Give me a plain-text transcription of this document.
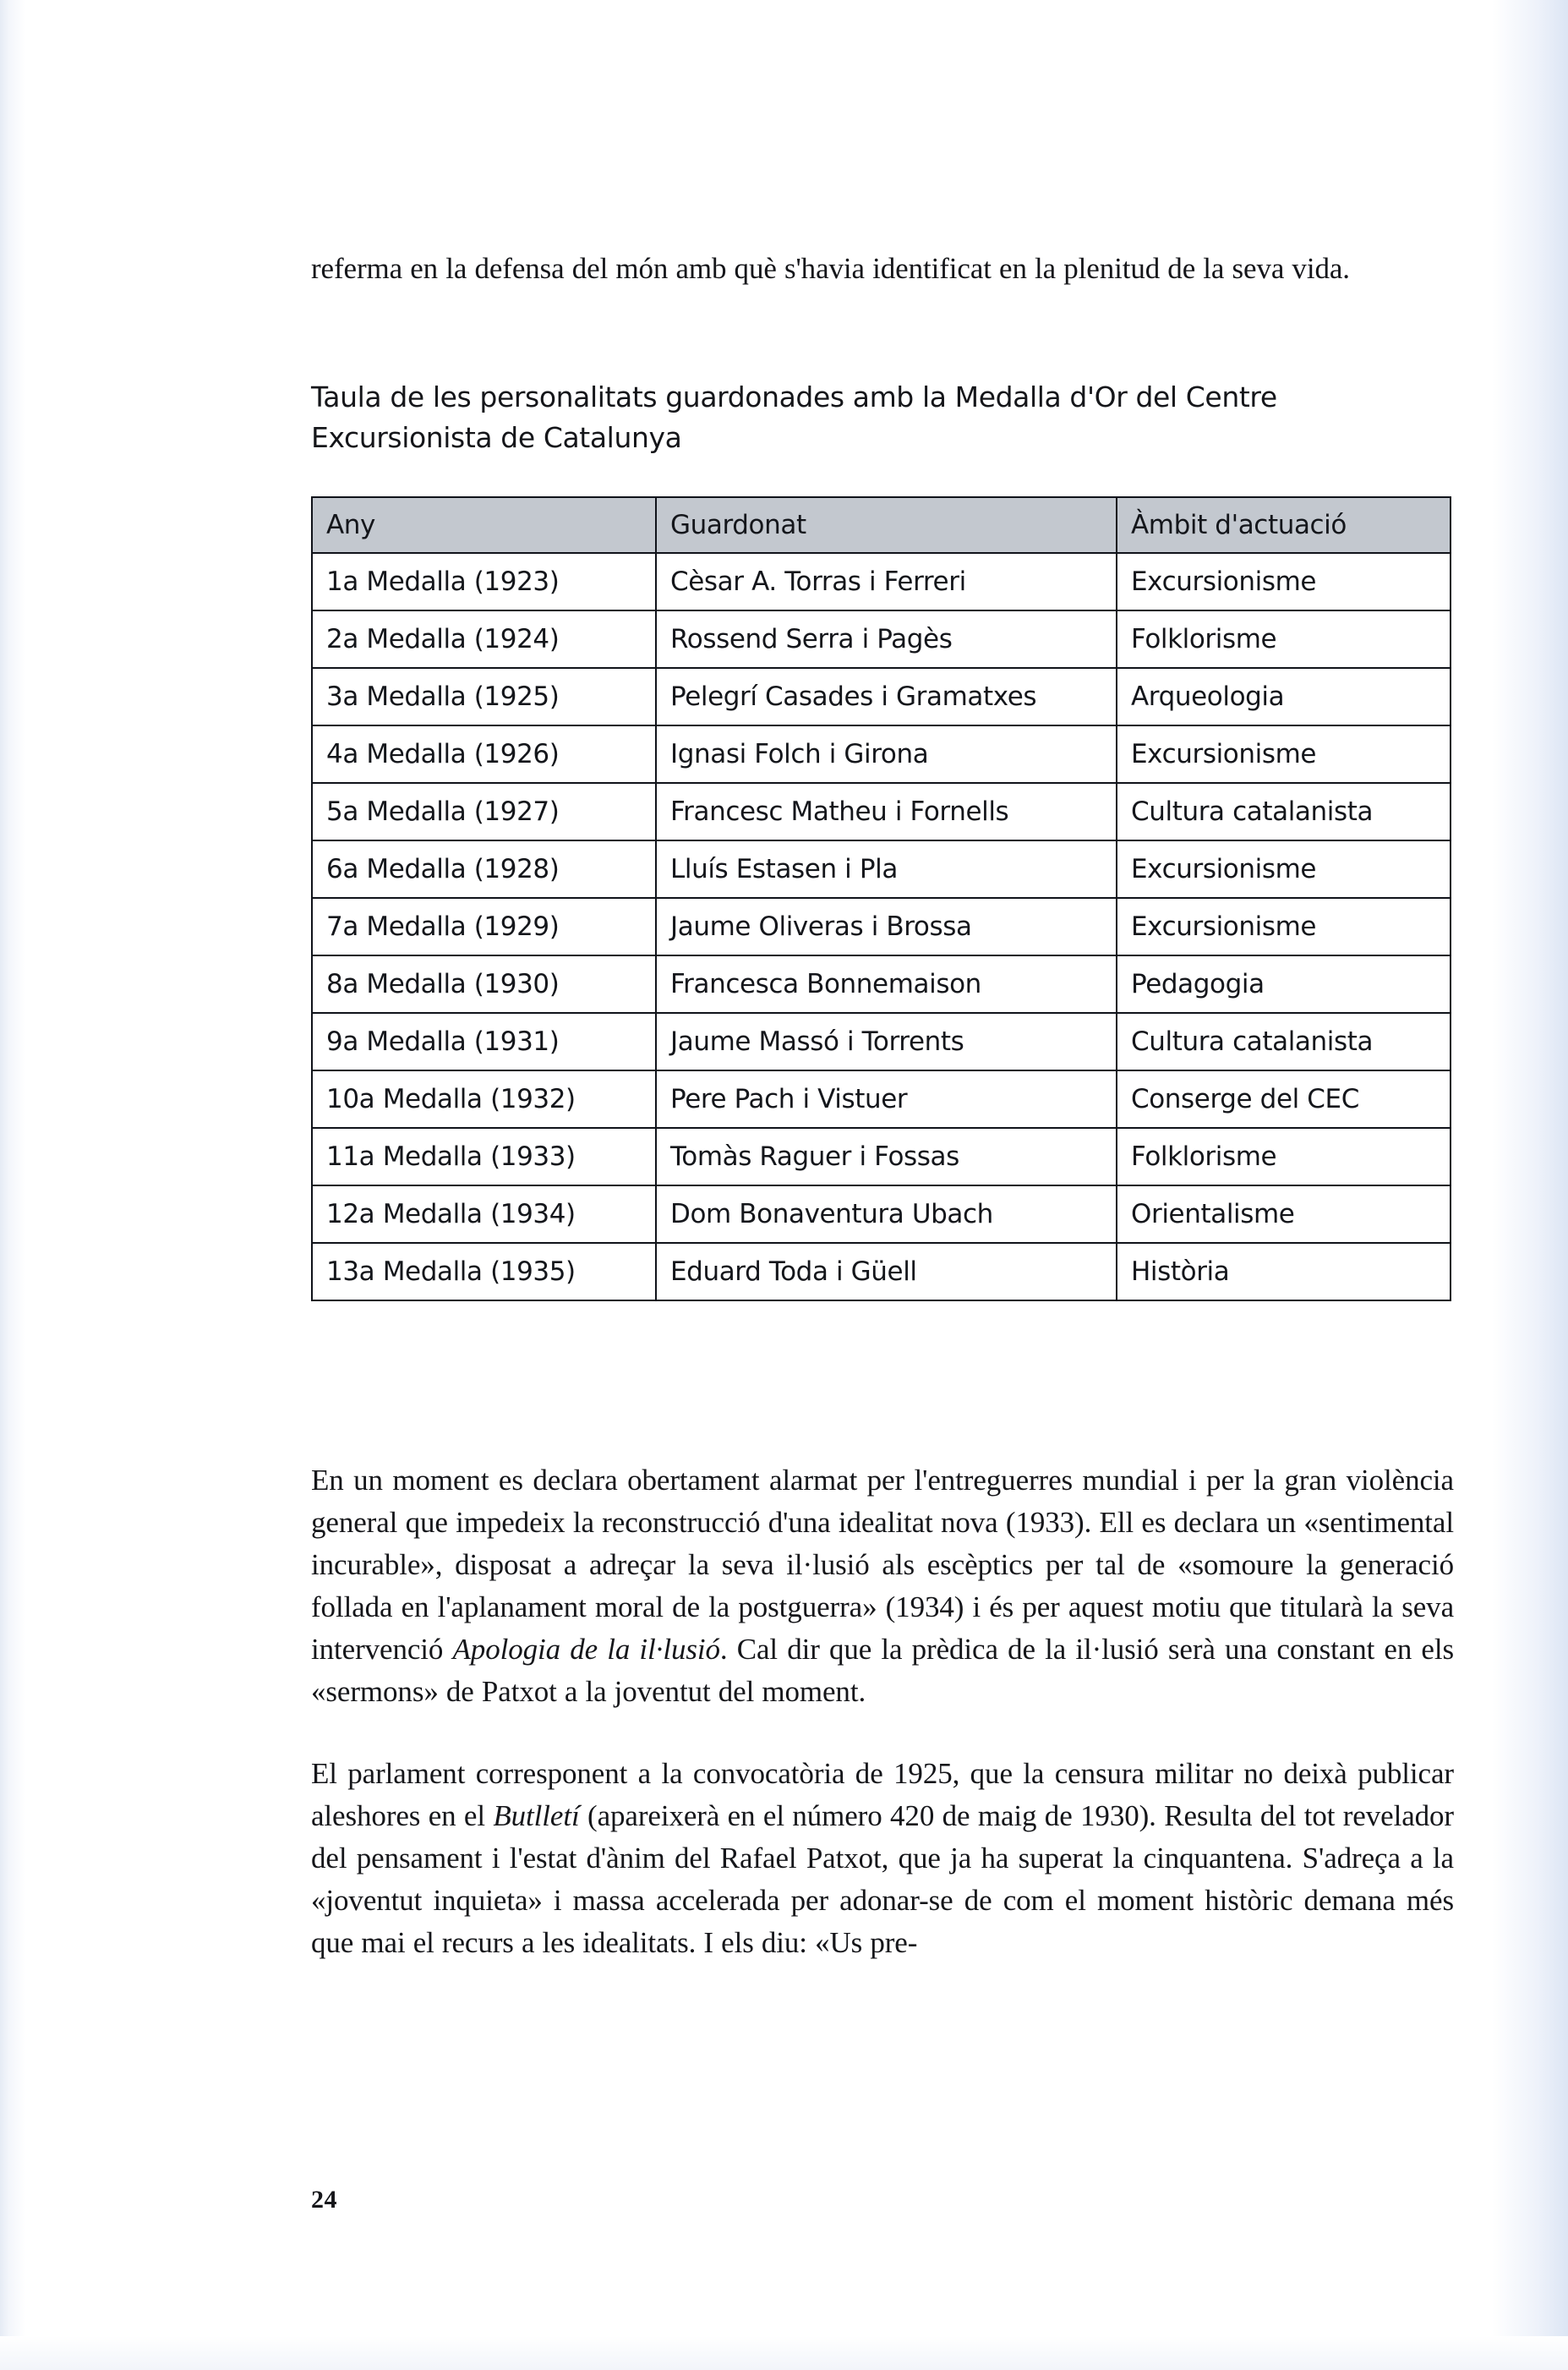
referma en la defensa del món amb què s'havia identificat en la plenitud de la seva vida.

Taula de les personalitats guardonades amb la Medalla d'Or del Centre Excursionista de Catalunya

Any	Guardonat	Àmbit d'actuació
1a Medalla (1923)	Cèsar A. Torras i Ferreri	Excursionisme
2a Medalla (1924)	Rossend Serra i Pagès	Folklorisme
3a Medalla (1925)	Pelegrí Casades i Gramatxes	Arqueologia
4a Medalla (1926)	Ignasi Folch i Girona	Excursionisme
5a Medalla (1927)	Francesc Matheu i Fornells	Cultura catalanista
6a Medalla (1928)	Lluís Estasen i Pla	Excursionisme
7a Medalla (1929)	Jaume Oliveras i Brossa	Excursionisme
8a Medalla (1930)	Francesca Bonnemaison	Pedagogia
9a Medalla (1931)	Jaume Massó i Torrents	Cultura catalanista
10a Medalla (1932)	Pere Pach i Vistuer	Conserge del CEC
11a Medalla (1933)	Tomàs Raguer i Fossas	Folklorisme
12a Medalla (1934)	Dom Bonaventura Ubach	Orientalisme
13a Medalla (1935)	Eduard Toda i Güell	Història

En un moment es declara obertament alarmat per l'entreguerres mundial i per la gran violència general que impedeix la reconstrucció d'una idealitat nova (1933). Ell es declara un «sentimental incurable», disposat a adreçar la seva il·lusió als escèptics per tal de «somoure la generació follada en l'aplanament moral de la postguerra» (1934) i és per aquest motiu que titularà la seva intervenció Apologia de la il·lusió. Cal dir que la prèdica de la il·lusió serà una constant en els «sermons» de Patxot a la joventut del moment.

El parlament corresponent a la convocatòria de 1925, que la censura militar no deixà publicar aleshores en el Butlletí (apareixerà en el número 420 de maig de 1930). Resulta del tot revelador del pensament i l'estat d'ànim del Rafael Patxot, que ja ha superat la cinquantena. S'adreça a la «joventut inquieta» i massa accelerada per adonar-se de com el moment històric demana més que mai el recurs a les idealitats. I els diu: «Us pre-

24
